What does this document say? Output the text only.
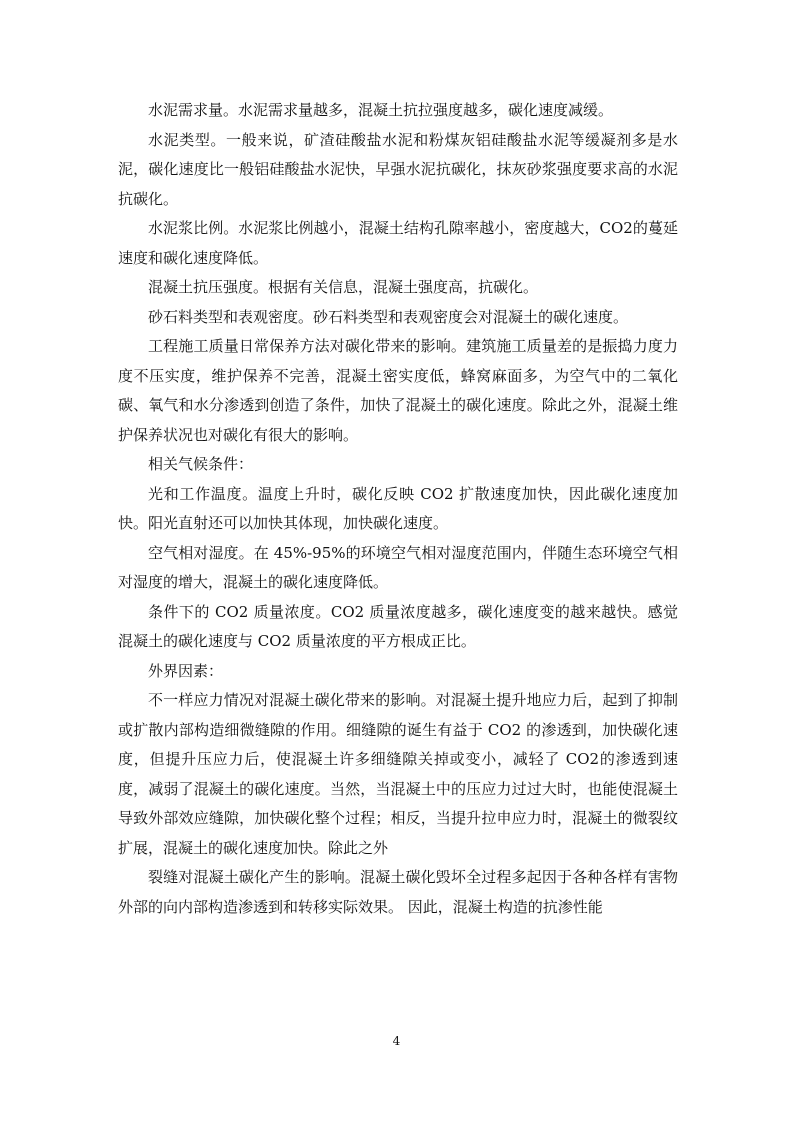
水泥需求量。水泥需求量越多，混凝土抗拉强度越多，碳化速度减缓。

水泥类型。一般来说，矿渣硅酸盐水泥和粉煤灰铝硅酸盐水泥等缓凝剂多是水泥，碳化速度比一般铝硅酸盐水泥快，早强水泥抗碳化，抹灰砂浆强度要求高的水泥抗碳化。

水泥浆比例。水泥浆比例越小，混凝土结构孔隙率越小，密度越大，CO2的蔓延速度和碳化速度降低。

混凝土抗压强度。根据有关信息，混凝土强度高，抗碳化。

砂石料类型和表观密度。砂石料类型和表观密度会对混凝土的碳化速度。

工程施工质量日常保养方法对碳化带来的影响。建筑施工质量差的是振捣力度力度不压实度，维护保养不完善，混凝土密实度低，蜂窝麻面多，为空气中的二氧化碳、氧气和水分渗透到创造了条件，加快了混凝土的碳化速度。除此之外，混凝土维护保养状况也对碳化有很大的影响。

相关气候条件：

光和工作温度。温度上升时，碳化反映 CO2 扩散速度加快，因此碳化速度加快。阳光直射还可以加快其体现，加快碳化速度。

空气相对湿度。在 45%-95%的环境空气相对湿度范围内，伴随生态环境空气相对湿度的增大，混凝土的碳化速度降低。

条件下的 CO2 质量浓度。CO2 质量浓度越多，碳化速度变的越来越快。感觉混凝土的碳化速度与 CO2 质量浓度的平方根成正比。

外界因素：

不一样应力情况对混凝土碳化带来的影响。对混凝土提升地应力后，起到了抑制或扩散内部构造细微缝隙的作用。细缝隙的诞生有益于 CO2 的渗透到，加快碳化速度，但提升压应力后，使混凝土许多细缝隙关掉或变小，减轻了 CO2的渗透到速度，减弱了混凝土的碳化速度。当然，当混凝土中的压应力过过大时，也能使混凝土导致外部效应缝隙，加快碳化整个过程；相反，当提升拉申应力时，混凝土的微裂纹扩展，混凝土的碳化速度加快。除此之外

裂缝对混凝土碳化产生的影响。混凝土碳化毁坏全过程多起因于各种各样有害物外部的向内部构造渗透到和转移实际效果。 因此，混凝土构造的抗渗性能

4
